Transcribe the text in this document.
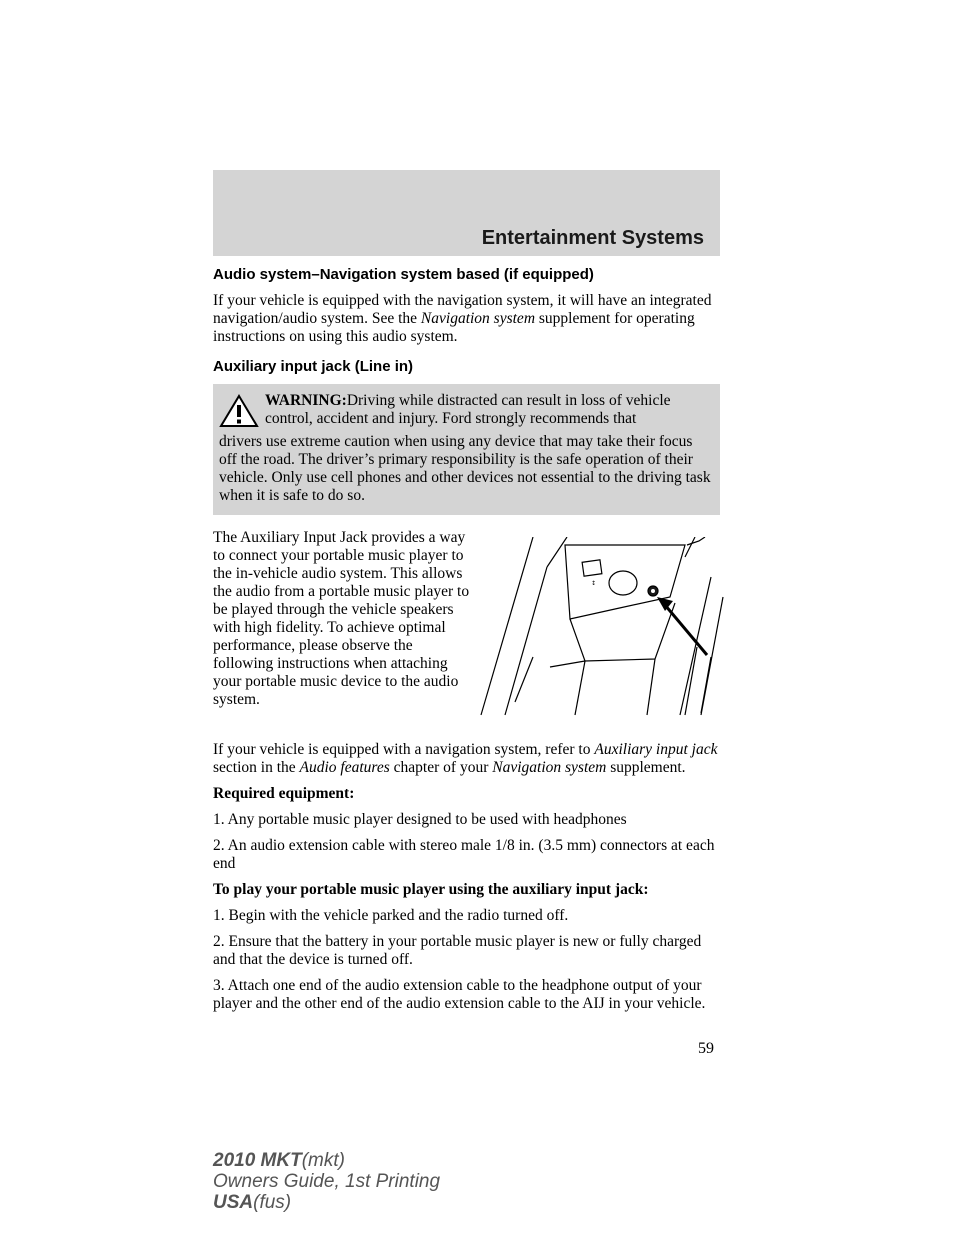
Entertainment Systems
Audio system–Navigation system based (if equipped)

If your vehicle is equipped with the navigation system, it will have an integrated navigation/audio system. See the Navigation system supplement for operating instructions on using this audio system.

Auxiliary input jack (Line in)
WARNING:Driving while distracted can result in loss of vehicle control, accident and injury. Ford strongly recommends that
drivers use extreme caution when using any device that may take their focus off the road. The driver’s primary responsibility is the safe operation of their vehicle. Only use cell phones and other devices not essential to the driving task when it is safe to do so.
The Auxiliary Input Jack provides a way to connect your portable music player to the in-vehicle audio system. This allows the audio from a portable music player to be played through the vehicle speakers with high fidelity. To achieve optimal performance, please observe the following instructions when attaching your portable music device to the audio system.
↕

If your vehicle is equipped with a navigation system, refer to Auxiliary input jack section in the Audio features chapter of your Navigation system supplement.

Required equipment:

1. Any portable music player designed to be used with headphones

2. An audio extension cable with stereo male 1/8 in. (3.5 mm) connectors at each end

To play your portable music player using the auxiliary input jack:

1. Begin with the vehicle parked and the radio turned off.

2. Ensure that the battery in your portable music player is new or fully charged and that the device is turned off.

3. Attach one end of the audio extension cable to the headphone output of your player and the other end of the audio extension cable to the AIJ in your vehicle.

59
2010 MKT(mkt)
Owners Guide, 1st Printing
USA(fus)
